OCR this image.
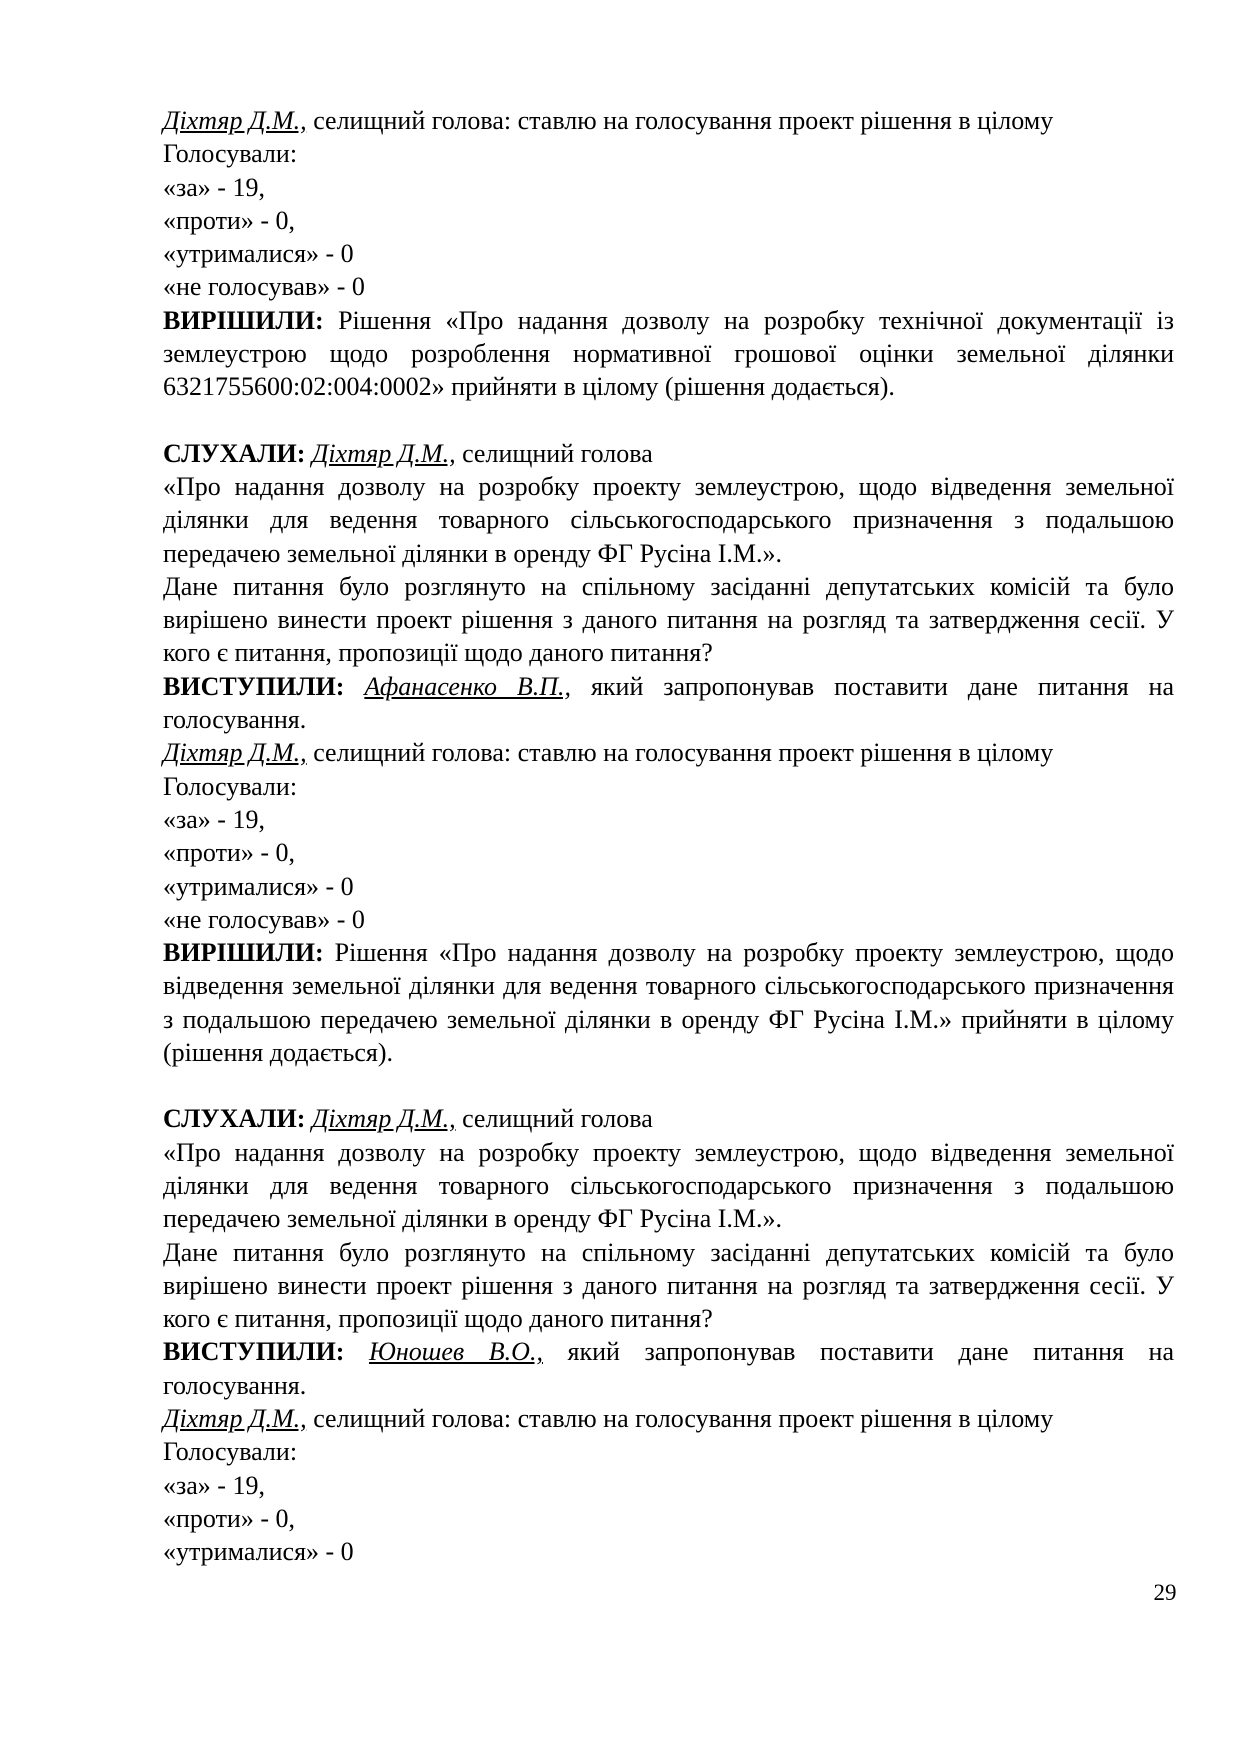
Діхтяр Д.М., селищний голова: ставлю на голосування проект рішення в цілому

Голосували:

«за» - 19,

«проти» - 0,

«утрималися» - 0

«не голосував» - 0

ВИРІШИЛИ: Рішення «Про надання дозволу на розробку технічної документації із землеустрою щодо розроблення нормативної грошової оцінки земельної ділянки 6321755600:02:004:0002» прийняти в цілому (рішення додається).

СЛУХАЛИ: Діхтяр Д.М., селищний голова

«Про надання дозволу на розробку проекту землеустрою, щодо відведення земельної ділянки для ведення товарного сільськогосподарського призначення з подальшою передачею земельної ділянки в оренду ФГ Русіна І.М.».

Дане питання було розглянуто на спільному засіданні депутатських комісій та було вирішено винести проект рішення з даного питання на розгляд та затвердження сесії. У кого є питання, пропозиції щодо даного питання?

ВИСТУПИЛИ: Афанасенко В.П., який запропонував поставити дане питання на голосування.

Діхтяр Д.М., селищний голова: ставлю на голосування проект рішення в цілому

Голосували:

«за» - 19,

«проти» - 0,

«утрималися» - 0

«не голосував» - 0

ВИРІШИЛИ: Рішення «Про надання дозволу на розробку проекту землеустрою, щодо відведення земельної ділянки для ведення товарного сільськогосподарського призначення з подальшою передачею земельної ділянки в оренду ФГ Русіна І.М.» прийняти в цілому (рішення додається).

СЛУХАЛИ: Діхтяр Д.М., селищний голова

«Про надання дозволу на розробку проекту землеустрою, щодо відведення земельної ділянки для ведення товарного сільськогосподарського призначення з подальшою передачею земельної ділянки в оренду ФГ Русіна І.М.».

Дане питання було розглянуто на спільному засіданні депутатських комісій та було вирішено винести проект рішення з даного питання на розгляд та затвердження сесії. У кого є питання, пропозиції щодо даного питання?

ВИСТУПИЛИ: Юношев В.О., який запропонував поставити дане питання на голосування.

Діхтяр Д.М., селищний голова: ставлю на голосування проект рішення в цілому

Голосували:

«за» - 19,

«проти» - 0,

«утрималися» - 0

29
